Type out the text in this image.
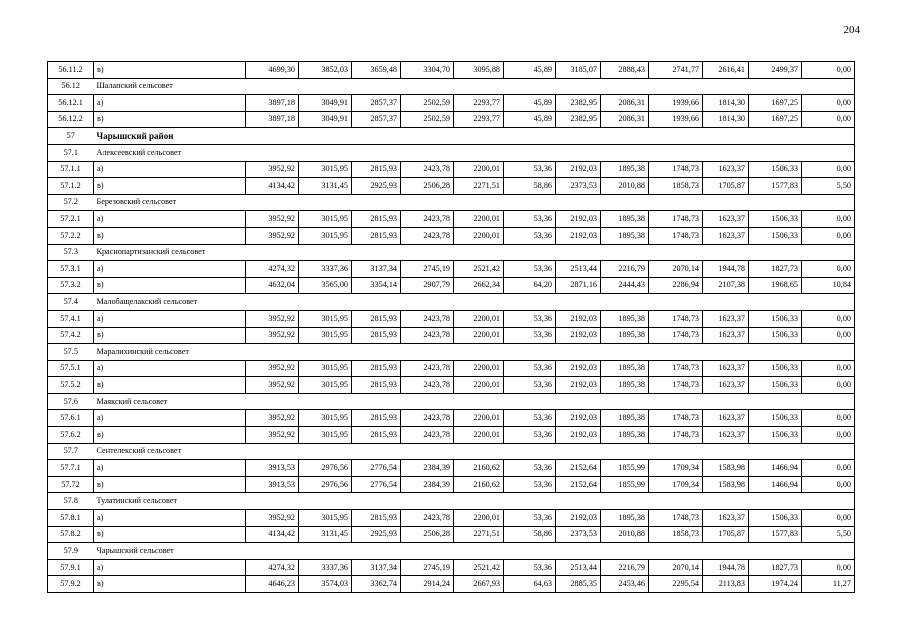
204
56.11.2	в)	4699,30	3852,03	3659,48	3304,70	3095,88	45,89	3185,07	2888,43	2741,77	2616,41	2499,37	0,00
56.12	Шалапский сельсовет												
56.12.1	а)	3897,18	3049,91	2857,37	2502,59	2293,77	45,89	2382,95	2086,31	1939,66	1814,30	1697,25	0,00
56.12.2	в)	3897,18	3049,91	2857,37	2502,59	2293,77	45,89	2382,95	2086,31	1939,66	1814,30	1697,25	0,00
57	Чарышский район												
57.1	Алексеевский сельсовет												
57.1.1	а)	3952,92	3015,95	2815,93	2423,78	2200,01	53,36	2192,03	1895,38	1748,73	1623,37	1506,33	0,00
57.1.2	в)	4134,42	3131,45	2925,93	2506,28	2271,51	58,86	2373,53	2010,88	1858,73	1705,87	1577,83	5,50
57.2	Березовский сельсовет												
57.2.1	а)	3952,92	3015,95	2815,93	2423,78	2200,01	53,36	2192,03	1895,38	1748,73	1623,37	1506,33	0,00
57.2.2	в)	3952,92	3015,95	2815,93	2423,78	2200,01	53,36	2192,03	1895,38	1748,73	1623,37	1506,33	0,00
57.3	Краснопартизанский сельсовет												
57.3.1	а)	4274,32	3337,36	3137,34	2745,19	2521,42	53,36	2513,44	2216,79	2070,14	1944,78	1827,73	0,00
57.3.2	в)	4632,04	3565,00	3354,14	2907,79	2662,34	64,20	2871,16	2444,43	2286,94	2107,38	1968,65	10,84
57.4	Малобащелакский сельсовет												
57.4.1	а)	3952,92	3015,95	2815,93	2423,78	2200,01	53,36	2192,03	1895,38	1748,73	1623,37	1506,33	0,00
57.4.2	в)	3952,92	3015,95	2815,93	2423,78	2200,01	53,36	2192,03	1895,38	1748,73	1623,37	1506,33	0,00
57.5	Маралихинский сельсовет												
57.5.1	а)	3952,92	3015,95	2815,93	2423,78	2200,01	53,36	2192,03	1895,38	1748,73	1623,37	1506,33	0,00
57.5.2	в)	3952,92	3015,95	2815,93	2423,78	2200,01	53,36	2192,03	1895,38	1748,73	1623,37	1506,33	0,00
57.6	Маякский сельсовет												
57.6.1	а)	3952,92	3015,95	2815,93	2423,78	2200,01	53,36	2192,03	1895,38	1748,73	1623,37	1506,33	0,00
57.6.2	в)	3952,92	3015,95	2815,93	2423,78	2200,01	53,36	2192,03	1895,38	1748,73	1623,37	1506,33	0,00
57.7	Сентелекский сельсовет												
57.7.1	а)	3913,53	2976,56	2776,54	2384,39	2160,62	53,36	2152,64	1855,99	1709,34	1583,98	1466,94	0,00
57.72	в)	3913,53	2976,56	2776,54	2384,39	2160,62	53,36	2152,64	1855,99	1709,34	1583,98	1466,94	0,00
57.8	Тулатинский сельсовет												
57.8.1	а)	3952,92	3015,95	2815,93	2423,78	2200,01	53,36	2192,03	1895,38	1748,73	1623,37	1506,33	0,00
57.8.2	в)	4134,42	3131,45	2925,93	2506,28	2271,51	58,86	2373,53	2010,88	1858,73	1705,87	1577,83	5,50
57.9	Чарышский сельсовет												
57.9.1	а)	4274,32	3337,36	3137,34	2745,19	2521,42	53,36	2513,44	2216,79	2070,14	1944,78	1827,73	0,00
57.9.2	в)	4646,23	3574,03	3362,74	2914,24	2667,93	64,63	2885,35	2453,46	2295,54	2113,83	1974,24	11,27
